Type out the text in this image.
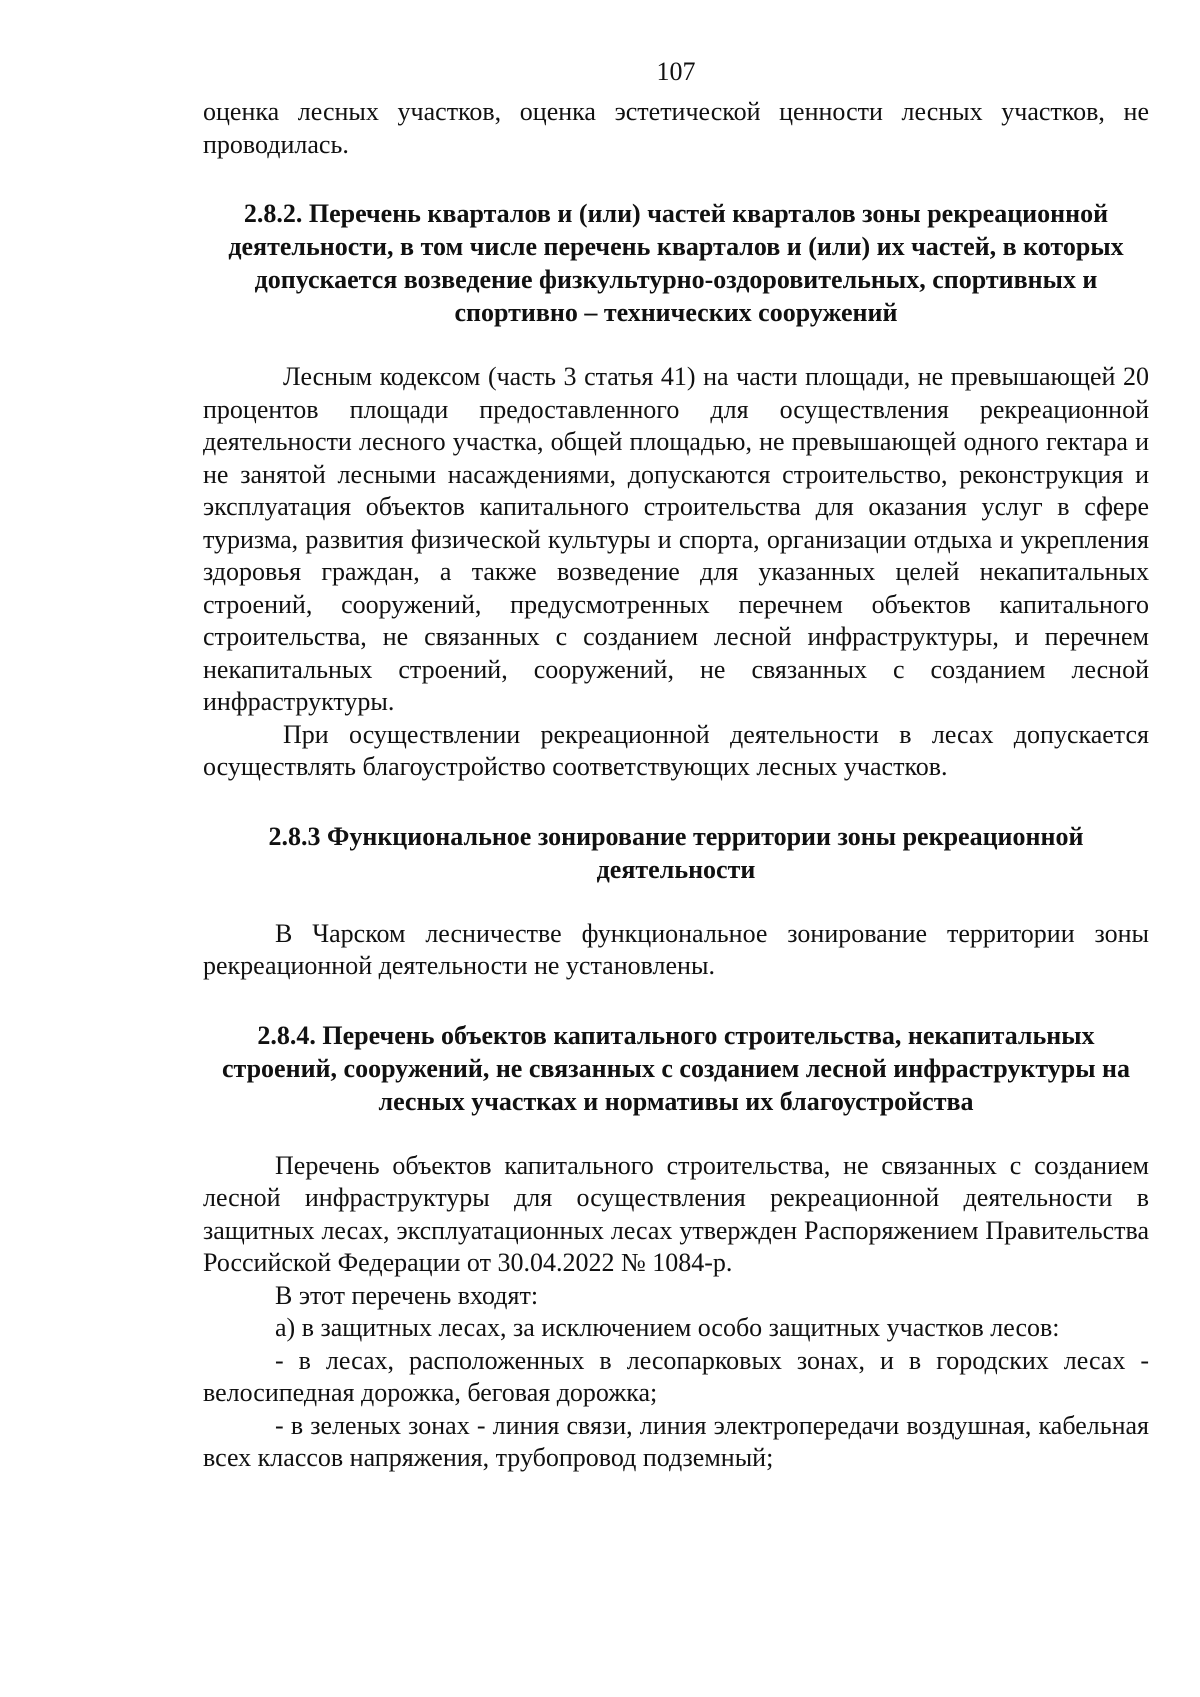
107

оценка лесных участков, оценка эстетической ценности лесных участков, не проводилась.

2.8.2. Перечень кварталов и (или) частей кварталов зоны рекреационной деятельности, в том числе перечень кварталов и (или) их частей, в которых допускается возведение физкультурно-оздоровительных, спортивных и спортивно – технических сооружений

Лесным кодексом (часть 3 статья 41) на части площади, не превышающей 20 процентов площади предоставленного для осуществления рекреационной деятельности лесного участка, общей площадью, не превышающей одного гектара и не занятой лесными насаждениями, допускаются строительство, реконструкция и эксплуатация объектов капитального строительства для оказания услуг в сфере туризма, развития физической культуры и спорта, организации отдыха и укрепления здоровья граждан, а также возведение для указанных целей некапитальных строений, сооружений, предусмотренных перечнем объектов капитального строительства, не связанных с созданием лесной инфраструктуры, и перечнем некапитальных строений, сооружений, не связанных с созданием лесной инфраструктуры.

При осуществлении рекреационной деятельности в лесах допускается осуществлять благоустройство соответствующих лесных участков.

2.8.3 Функциональное зонирование территории зоны рекреационной деятельности

В Чарском лесничестве функциональное зонирование территории зоны рекреационной деятельности не установлены.

2.8.4. Перечень объектов капитального строительства, некапитальных строений, сооружений, не связанных с созданием лесной инфраструктуры на лесных участках и нормативы их благоустройства

Перечень объектов капитального строительства, не связанных с созданием лесной инфраструктуры для осуществления рекреационной деятельности в защитных лесах, эксплуатационных лесах утвержден Распоряжением Правительства Российской Федерации от 30.04.2022 № 1084-р.

В этот перечень входят:

а) в защитных лесах, за исключением особо защитных участков лесов:

- в лесах, расположенных в лесопарковых зонах, и в городских лесах - велосипедная дорожка, беговая дорожка;

- в зеленых зонах - линия связи, линия электропередачи воздушная, кабельная всех классов напряжения, трубопровод подземный;
